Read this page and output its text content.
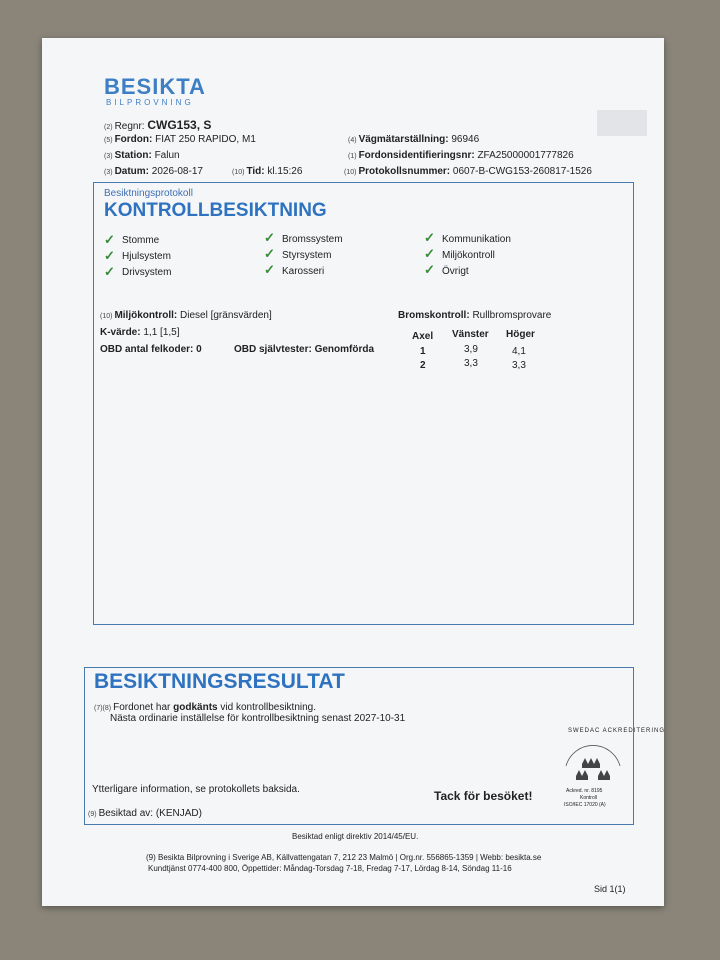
BESIKTA
BILPROVNING
(2) Regnr: CWG153, S
(5) Fordon: FIAT 250 RAPIDO, M1
(3) Station: Falun
(3) Datum: 2026-08-17	(10) Tid: kl.15:26
(4) Vägmätarställning: 96946
(1) Fordonsidentifieringsnr: ZFA25000001777826
(10) Protokollsnummer: 0607-B-CWG153-260817-1526
Besiktningsprotokoll
KONTROLLBESIKTNING
✓ Stomme
✓ Hjulsystem
✓ Drivsystem
✓ Bromssystem
✓ Styrsystem
✓ Karosseri
✓ Kommunikation
✓ Miljökontroll
✓ Övrigt
(10) Miljökontroll: Diesel [gränsvärden]
K-värde: 1,1 [1,5]
OBD antal felkoder: 0	OBD självtester: Genomförda
Bromskontroll: Rullbromsprovare
Axel Vänster Höger
1	3,9	4,1
2	3,3	3,3
BESIKTNINGSRESULTAT
(7)(8) Fordonet har godkänts vid kontrollbesiktning.
Nästa ordinarie inställelse för kontrollbesiktning senast 2027-10-31
SWEDAC ACKREDITERING
Ackred. nr. 8195
Kontroll
ISO/IEC 17020 (A)
Ytterligare information, se protokollets baksida.	Tack för besöket!
(9) Besiktad av: (KENJAD)
Besiktad enligt direktiv 2014/45/EU.
(9) Besikta Bilprovning i Sverige AB, Källvattengatan 7, 212 23 Malmö | Org.nr. 556865-1359 | Webb: besikta.se
Kundtjänst 0774-400 800, Öppettider: Måndag-Torsdag 7-18, Fredag 7-17, Lördag 8-14, Söndag 11-16
Sid 1(1)
